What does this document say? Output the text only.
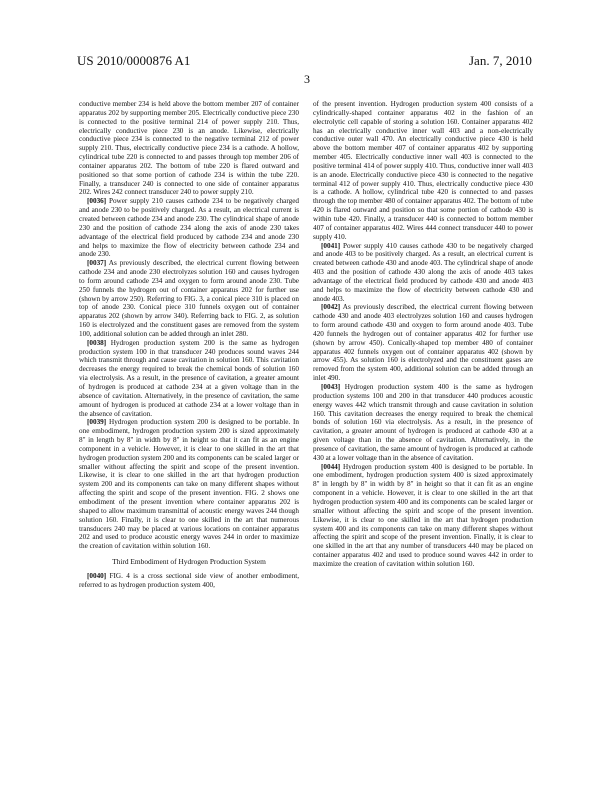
US 2010/0000876 A1	Jan. 7, 2010
3

conductive member 234 is held above the bottom member 207 of container apparatus 202 by supporting member 205. Electrically conductive piece 230 is connected to the positive terminal 214 of power supply 210. Thus, electrically conductive piece 230 is an anode. Likewise, electrically conductive piece 234 is connected to the negative terminal 212 of power supply 210. Thus, electrically conductive piece 234 is a cathode. A hollow, cylindrical tube 220 is connected to and passes through top member 206 of container apparatus 202. The bottom of tube 220 is flared outward and positioned so that some portion of cathode 234 is within the tube 220. Finally, a transducer 240 is connected to one side of container apparatus 202. Wires 242 connect transducer 240 to power supply 210.

[0036] Power supply 210 causes cathode 234 to be negatively charged and anode 230 to be positively charged. As a result, an electrical current is created between cathode 234 and anode 230. The cylindrical shape of anode 230 and the position of cathode 234 along the axis of anode 230 takes advantage of the electrical field produced by cathode 234 and anode 230 and helps to maximize the flow of electricity between cathode 234 and anode 230.

[0037] As previously described, the electrical current flowing between cathode 234 and anode 230 electrolyzes solution 160 and causes hydrogen to form around cathode 234 and oxygen to form around anode 230. Tube 250 funnels the hydrogen out of container apparatus 202 for further use (shown by arrow 250). Referring to FIG. 3, a conical piece 310 is placed on top of anode 230. Conical piece 310 funnels oxygen out of container apparatus 202 (shown by arrow 340). Referring back to FIG. 2, as solution 160 is electrolyzed and the constituent gases are removed from the system 100, additional solution can be added through an inlet 280.

[0038] Hydrogen production system 200 is the same as hydrogen production system 100 in that transducer 240 produces sound waves 244 which transmit through and cause cavitation in solution 160. This cavitation decreases the energy required to break the chemical bonds of solution 160 via electrolysis. As a result, in the presence of cavitation, a greater amount of hydrogen is produced at cathode 234 at a given voltage than in the absence of cavitation. Alternatively, in the presence of cavitation, the same amount of hydrogen is produced at cathode 234 at a lower voltage than in the absence of cavitation.

[0039] Hydrogen production system 200 is designed to be portable. In one embodiment, hydrogen production system 200 is sized approximately 8" in length by 8" in width by 8" in height so that it can fit as an engine component in a vehicle. However, it is clear to one skilled in the art that hydrogen production system 200 and its components can be scaled larger or smaller without affecting the spirit and scope of the present invention. Likewise, it is clear to one skilled in the art that hydrogen production system 200 and its components can take on many different shapes without affecting the spirit and scope of the present invention. FIG. 2 shows one embodiment of the present invention where container apparatus 202 is shaped to allow maximum transmittal of acoustic energy waves 244 though solution 160. Finally, it is clear to one skilled in the art that numerous transducers 240 may be placed at various locations on container apparatus 202 and used to produce acoustic energy waves 244 in order to maximize the creation of cavitation within solution 160.

Third Embodiment of Hydrogen Production System

[0040] FIG. 4 is a cross sectional side view of another embodiment, referred to as hydrogen production system 400,

of the present invention. Hydrogen production system 400 consists of a cylindrically-shaped container apparatus 402 in the fashion of an electrolytic cell capable of storing a solution 160. Container apparatus 402 has an electrically conductive inner wall 403 and a non-electrically conductive outer wall 470. An electrically conductive piece 430 is held above the bottom member 407 of container apparatus 402 by supporting member 405. Electrically conductive inner wall 403 is connected to the positive terminal 414 of power supply 410. Thus, conductive inner wall 403 is an anode. Electrically conductive piece 430 is connected to the negative terminal 412 of power supply 410. Thus, electrically conductive piece 430 is a cathode. A hollow, cylindrical tube 420 is connected to and passes through the top member 480 of container apparatus 402. The bottom of tube 420 is flared outward and position so that some portion of cathode 430 is within tube 420. Finally, a transducer 440 is connected to bottom member 407 of container apparatus 402. Wires 444 connect transducer 440 to power supply 410.

[0041] Power supply 410 causes cathode 430 to be negatively charged and anode 403 to be positively charged. As a result, an electrical current is created between cathode 430 and anode 403. The cylindrical shape of anode 403 and the position of cathode 430 along the axis of anode 403 takes advantage of the electrical field produced by cathode 430 and anode 403 and helps to maximize the flow of electricity between cathode 430 and anode 403.

[0042] As previously described, the electrical current flowing between cathode 430 and anode 403 electrolyzes solution 160 and causes hydrogen to form around cathode 430 and oxygen to form around anode 403. Tube 420 funnels the hydrogen out of container apparatus 402 for further use (shown by arrow 450). Conically-shaped top member 480 of container apparatus 402 funnels oxygen out of container apparatus 402 (shown by arrow 455). As solution 160 is electrolyzed and the constituent gases are removed from the system 400, additional solution can be added through an inlet 490.

[0043] Hydrogen production system 400 is the same as hydrogen production systems 100 and 200 in that transducer 440 produces acoustic energy waves 442 which transmit through and cause cavitation in solution 160. This cavitation decreases the energy required to break the chemical bonds of solution 160 via electrolysis. As a result, in the presence of cavitation, a greater amount of hydrogen is produced at cathode 430 at a given voltage than in the absence of cavitation. Alternatively, in the presence of cavitation, the same amount of hydrogen is produced at cathode 430 at a lower voltage than in the absence of cavitation.

[0044] Hydrogen production system 400 is designed to be portable. In one embodiment, hydrogen production system 400 is sized approximately 8" in length by 8" in width by 8" in height so that it can fit as an engine component in a vehicle. However, it is clear to one skilled in the art that hydrogen production system 400 and its components can be scaled larger or smaller without affecting the spirit and scope of the present invention. Likewise, it is clear to one skilled in the art that hydrogen production system 400 and its components can take on many different shapes without affecting the spirit and scope of the present invention. Finally, it is clear to one skilled in the art that any number of transducers 440 may be placed on container apparatus 402 and used to produce sound waves 442 in order to maximize the creation of cavitation within solution 160.
